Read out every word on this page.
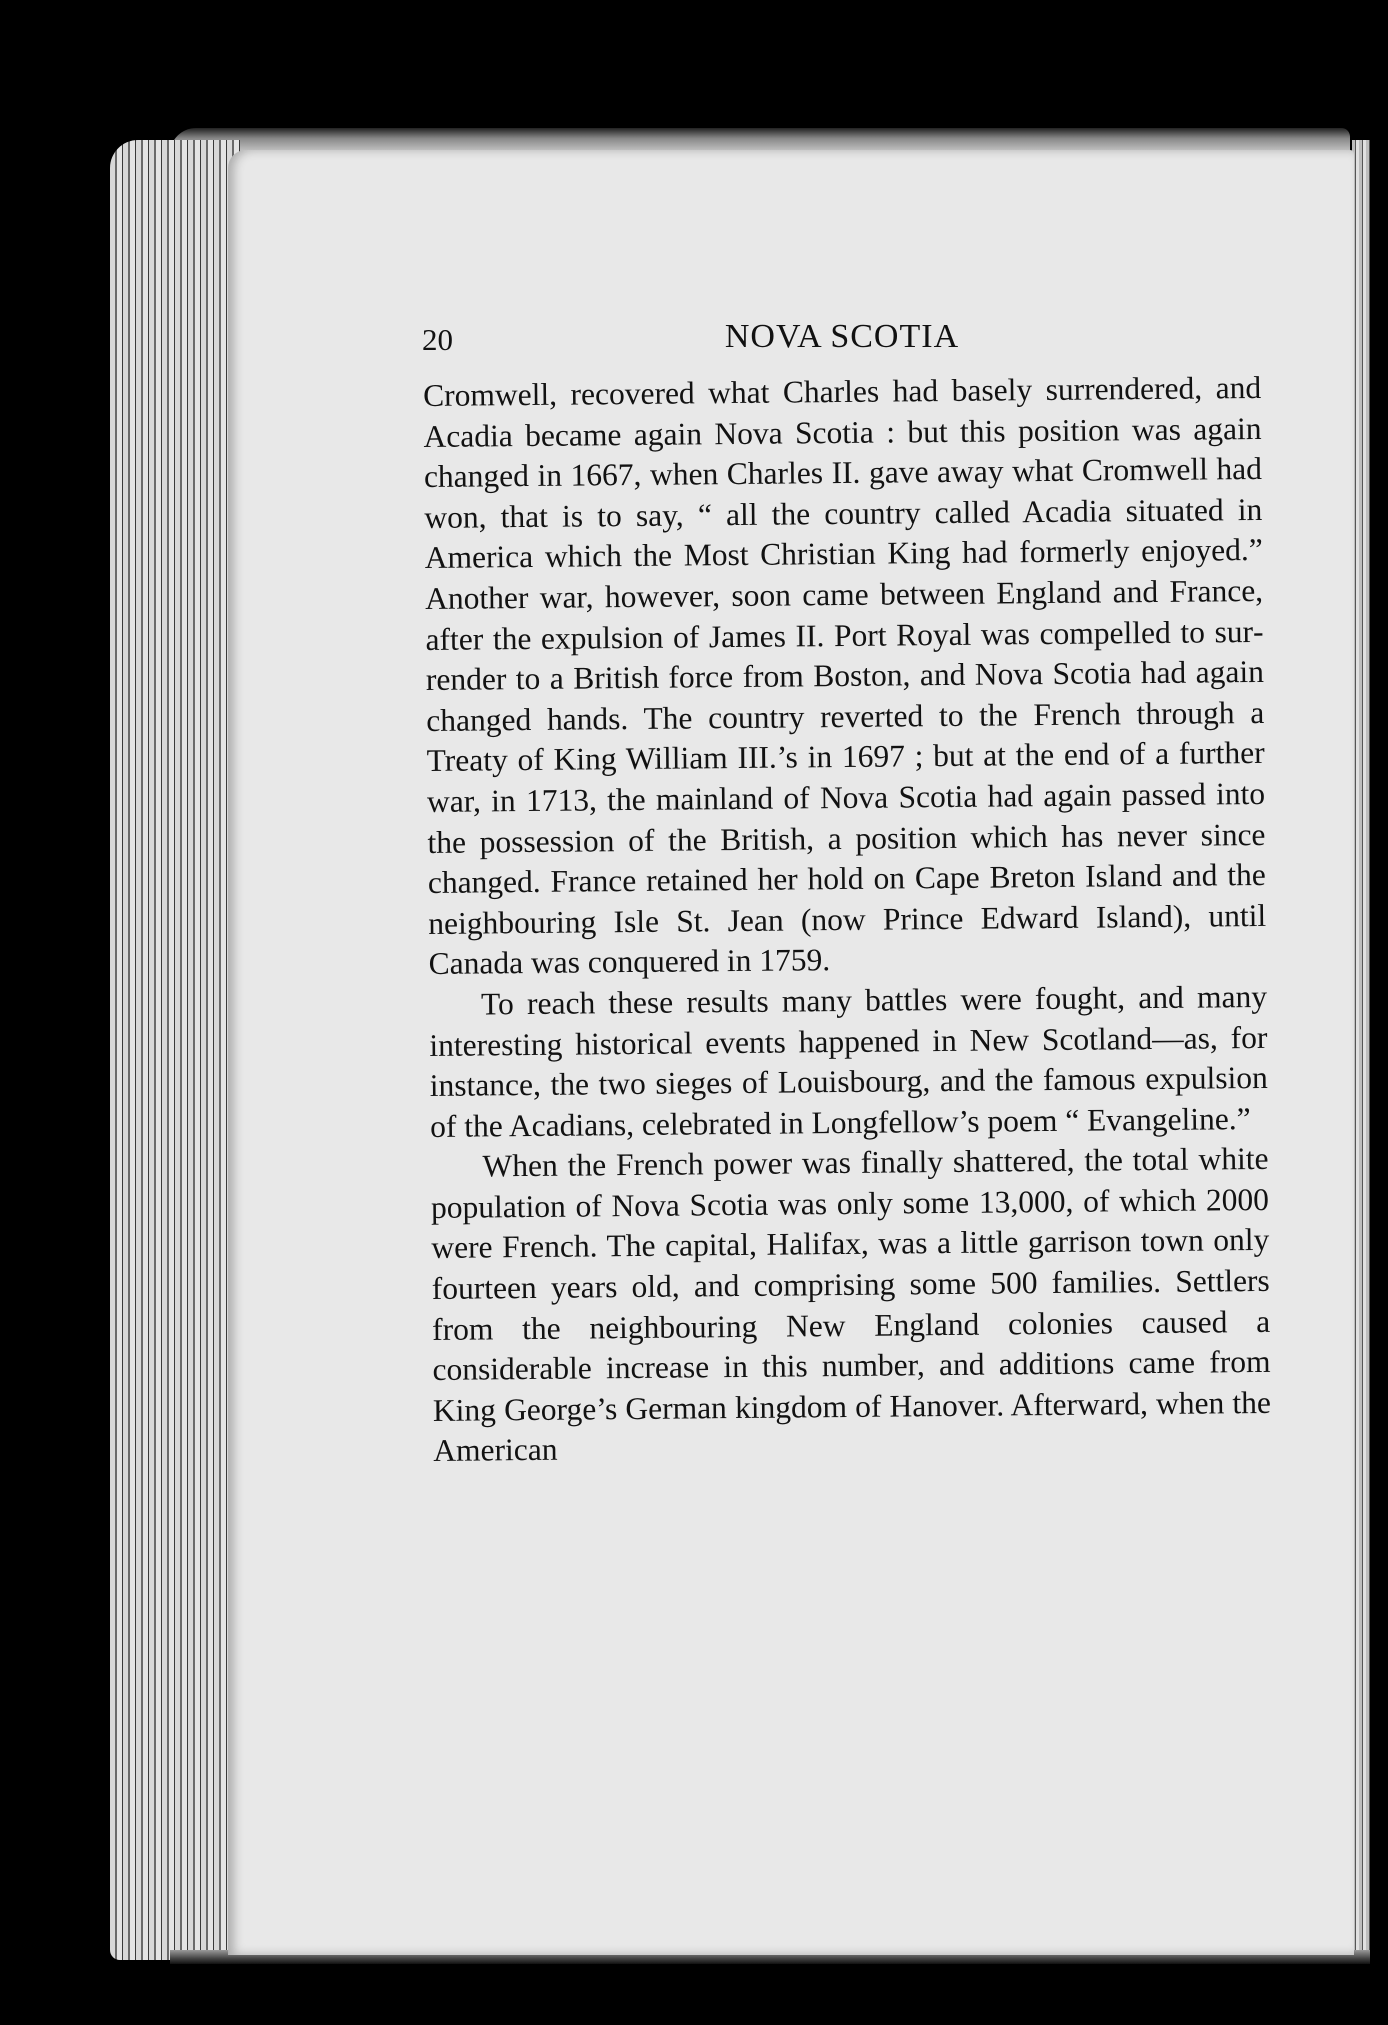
20	NOVA SCOTIA

Cromwell, recovered what Charles had basely surrendered, and Acadia became again Nova Scotia : but this position was again changed in 1667, when Charles II. gave away what Cromwell had won, that is to say, “ all the country called Acadia situated in America which the Most Christian King had formerly enjoyed.” Another war, however, soon came between England and France, after the expulsion of James II. Port Royal was compelled to surrender to a British force from Boston, and Nova Scotia had again changed hands. The country reverted to the French through a Treaty of King William III.’s in 1697 ; but at the end of a further war, in 1713, the mainland of Nova Scotia had again passed into the possession of the British, a position which has never since changed. France retained her hold on Cape Breton Island and the neighbouring Isle St. Jean (now Prince Edward Island), until Canada was conquered in 1759.

To reach these results many battles were fought, and many interesting historical events happened in New Scotland—as, for instance, the two sieges of Louisbourg, and the famous expulsion of the Acadians, celebrated in Longfellow’s poem “ Evangeline.”

When the French power was finally shattered, the total white population of Nova Scotia was only some 13,000, of which 2000 were French. The capital, Halifax, was a little garrison town only fourteen years old, and comprising some 500 families. Settlers from the neighbouring New England colonies caused a considerable increase in this number, and additions came from King George’s German kingdom of Hanover. Afterward, when the American
